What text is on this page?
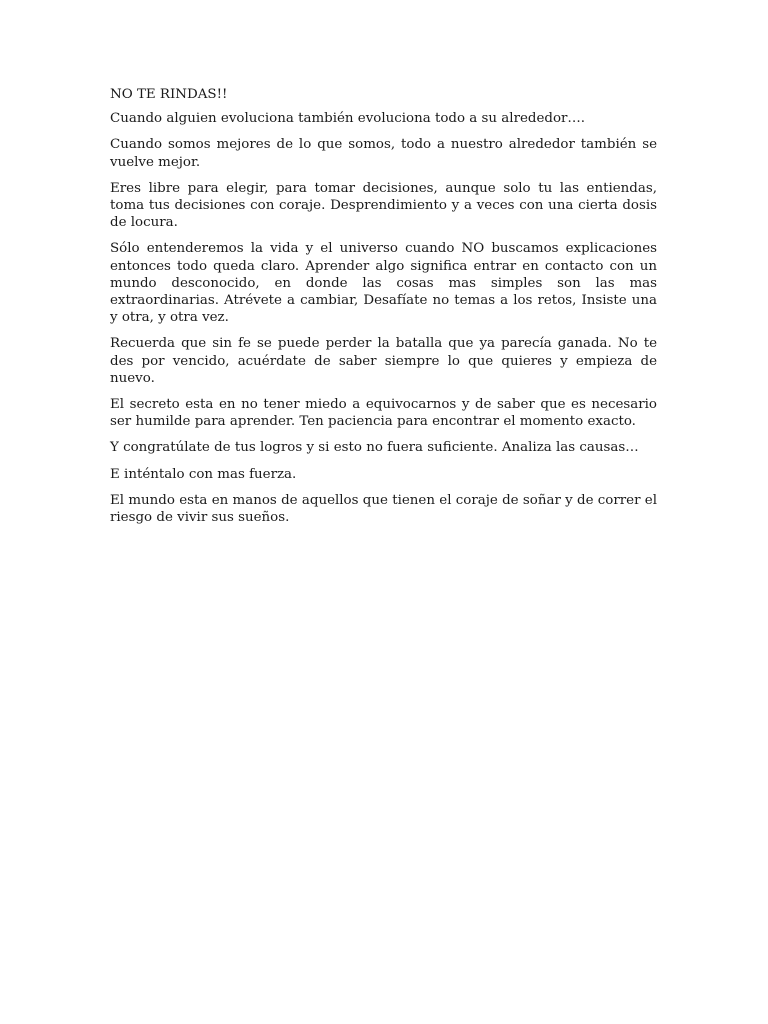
NO TE RINDAS!!

Cuando alguien evoluciona también evoluciona todo a su alrededor….

Cuando somos mejores de lo que somos, todo a nuestro alrededor también se vuelve mejor.

Eres libre para elegir, para tomar decisiones, aunque solo tu las entiendas, toma tus decisiones con coraje. Desprendimiento y a veces con una cierta dosis de locura.

Sólo entenderemos la vida y el universo cuando NO buscamos explicaciones entonces todo queda claro. Aprender algo significa entrar en contacto con un mundo desconocido, en donde las cosas mas simples son las mas extraordinarias. Atrévete a cambiar, Desafíate no temas a los retos, Insiste una y otra, y otra vez.

Recuerda que sin fe se puede perder la batalla que ya parecía ganada. No te des por vencido, acuérdate de saber siempre lo que quieres y empieza de nuevo.

El secreto esta en no tener miedo a equivocarnos y de saber que es necesario ser humilde para aprender. Ten paciencia para encontrar el momento exacto.

Y congratúlate de tus logros y si esto no fuera suficiente. Analiza las causas…

E inténtalo con mas fuerza.

El mundo esta en manos de aquellos que tienen el coraje de soñar y de correr el riesgo de vivir sus sueños.
